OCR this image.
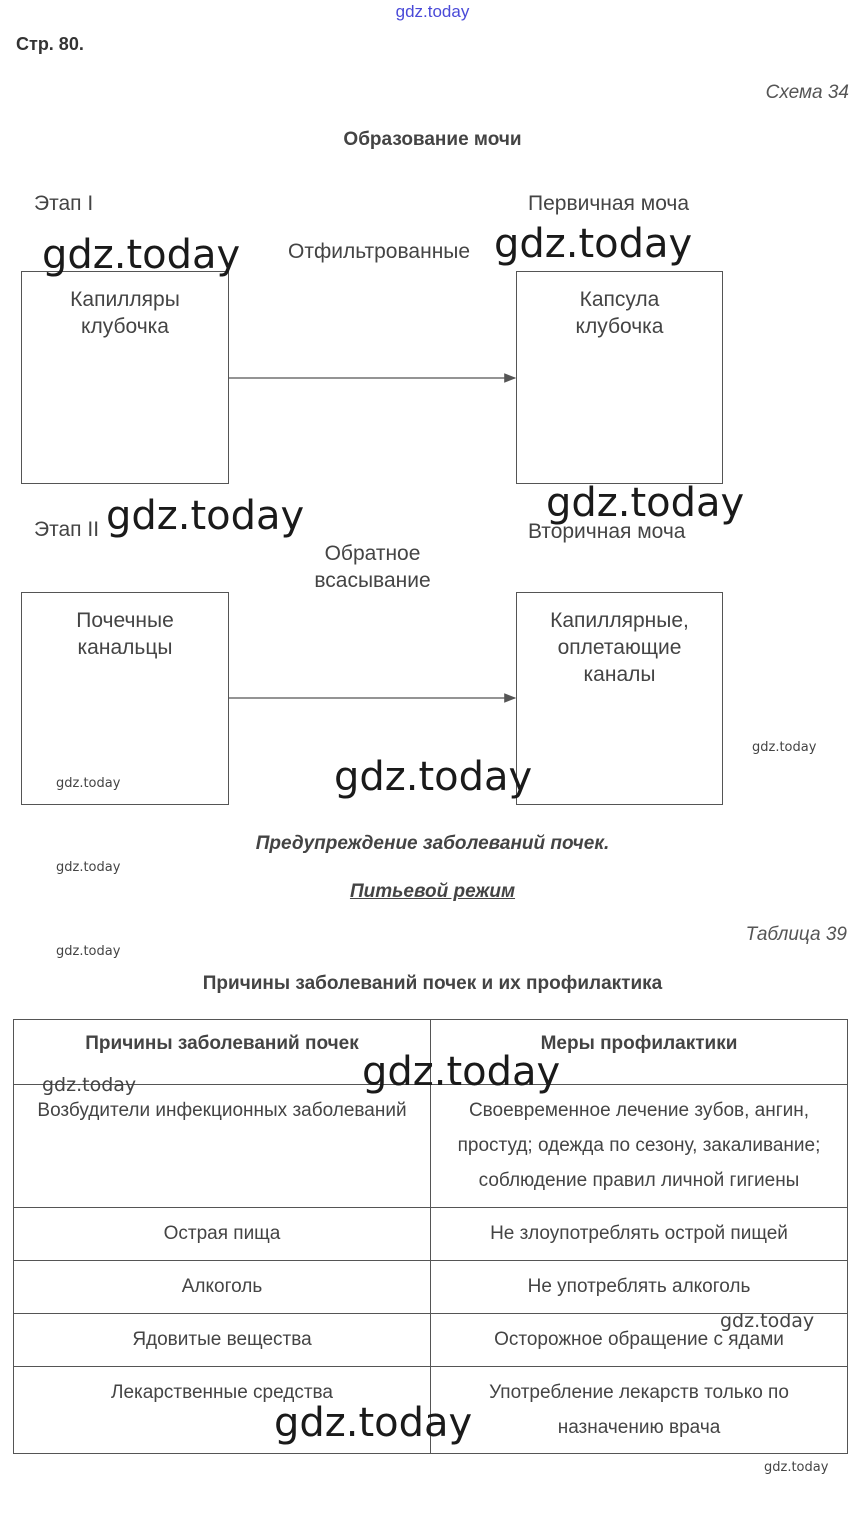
gdz.today
Стр. 80.
Схема 34
Образование мочи
Этап I	Первичная моча
Отфильтрованные
Капилляры
клубочка
Капсула
клубочка
Этап II	Вторичная моча
Обратное
всасывание
Почечные
канальцы
Капиллярные,
оплетающие
каналы
Предупреждение заболеваний почек.
Питьевой режим
Таблица 39
Причины заболеваний почек и их профилактика
Причины заболеваний почек	Меры профилактики
Возбудители инфекционных заболеваний	Своевременное лечение зубов, ангин, простуд; одежда по сезону, закаливание; соблюдение правил личной гигиены
Острая пища	Не злоупотреблять острой пищей
Алкоголь	Не употреблять алкоголь
Ядовитые вещества	Осторожное обращение с ядами
Лекарственные средства	Употребление лекарств только по назначению врача
gdz.today	gdz.today
gdz.today	gdz.today
gdz.today
gdz.today
gdz.today
gdz.today
gdz.today
gdz.today
gdz.today
gdz.today
gdz.today
gdz.today
